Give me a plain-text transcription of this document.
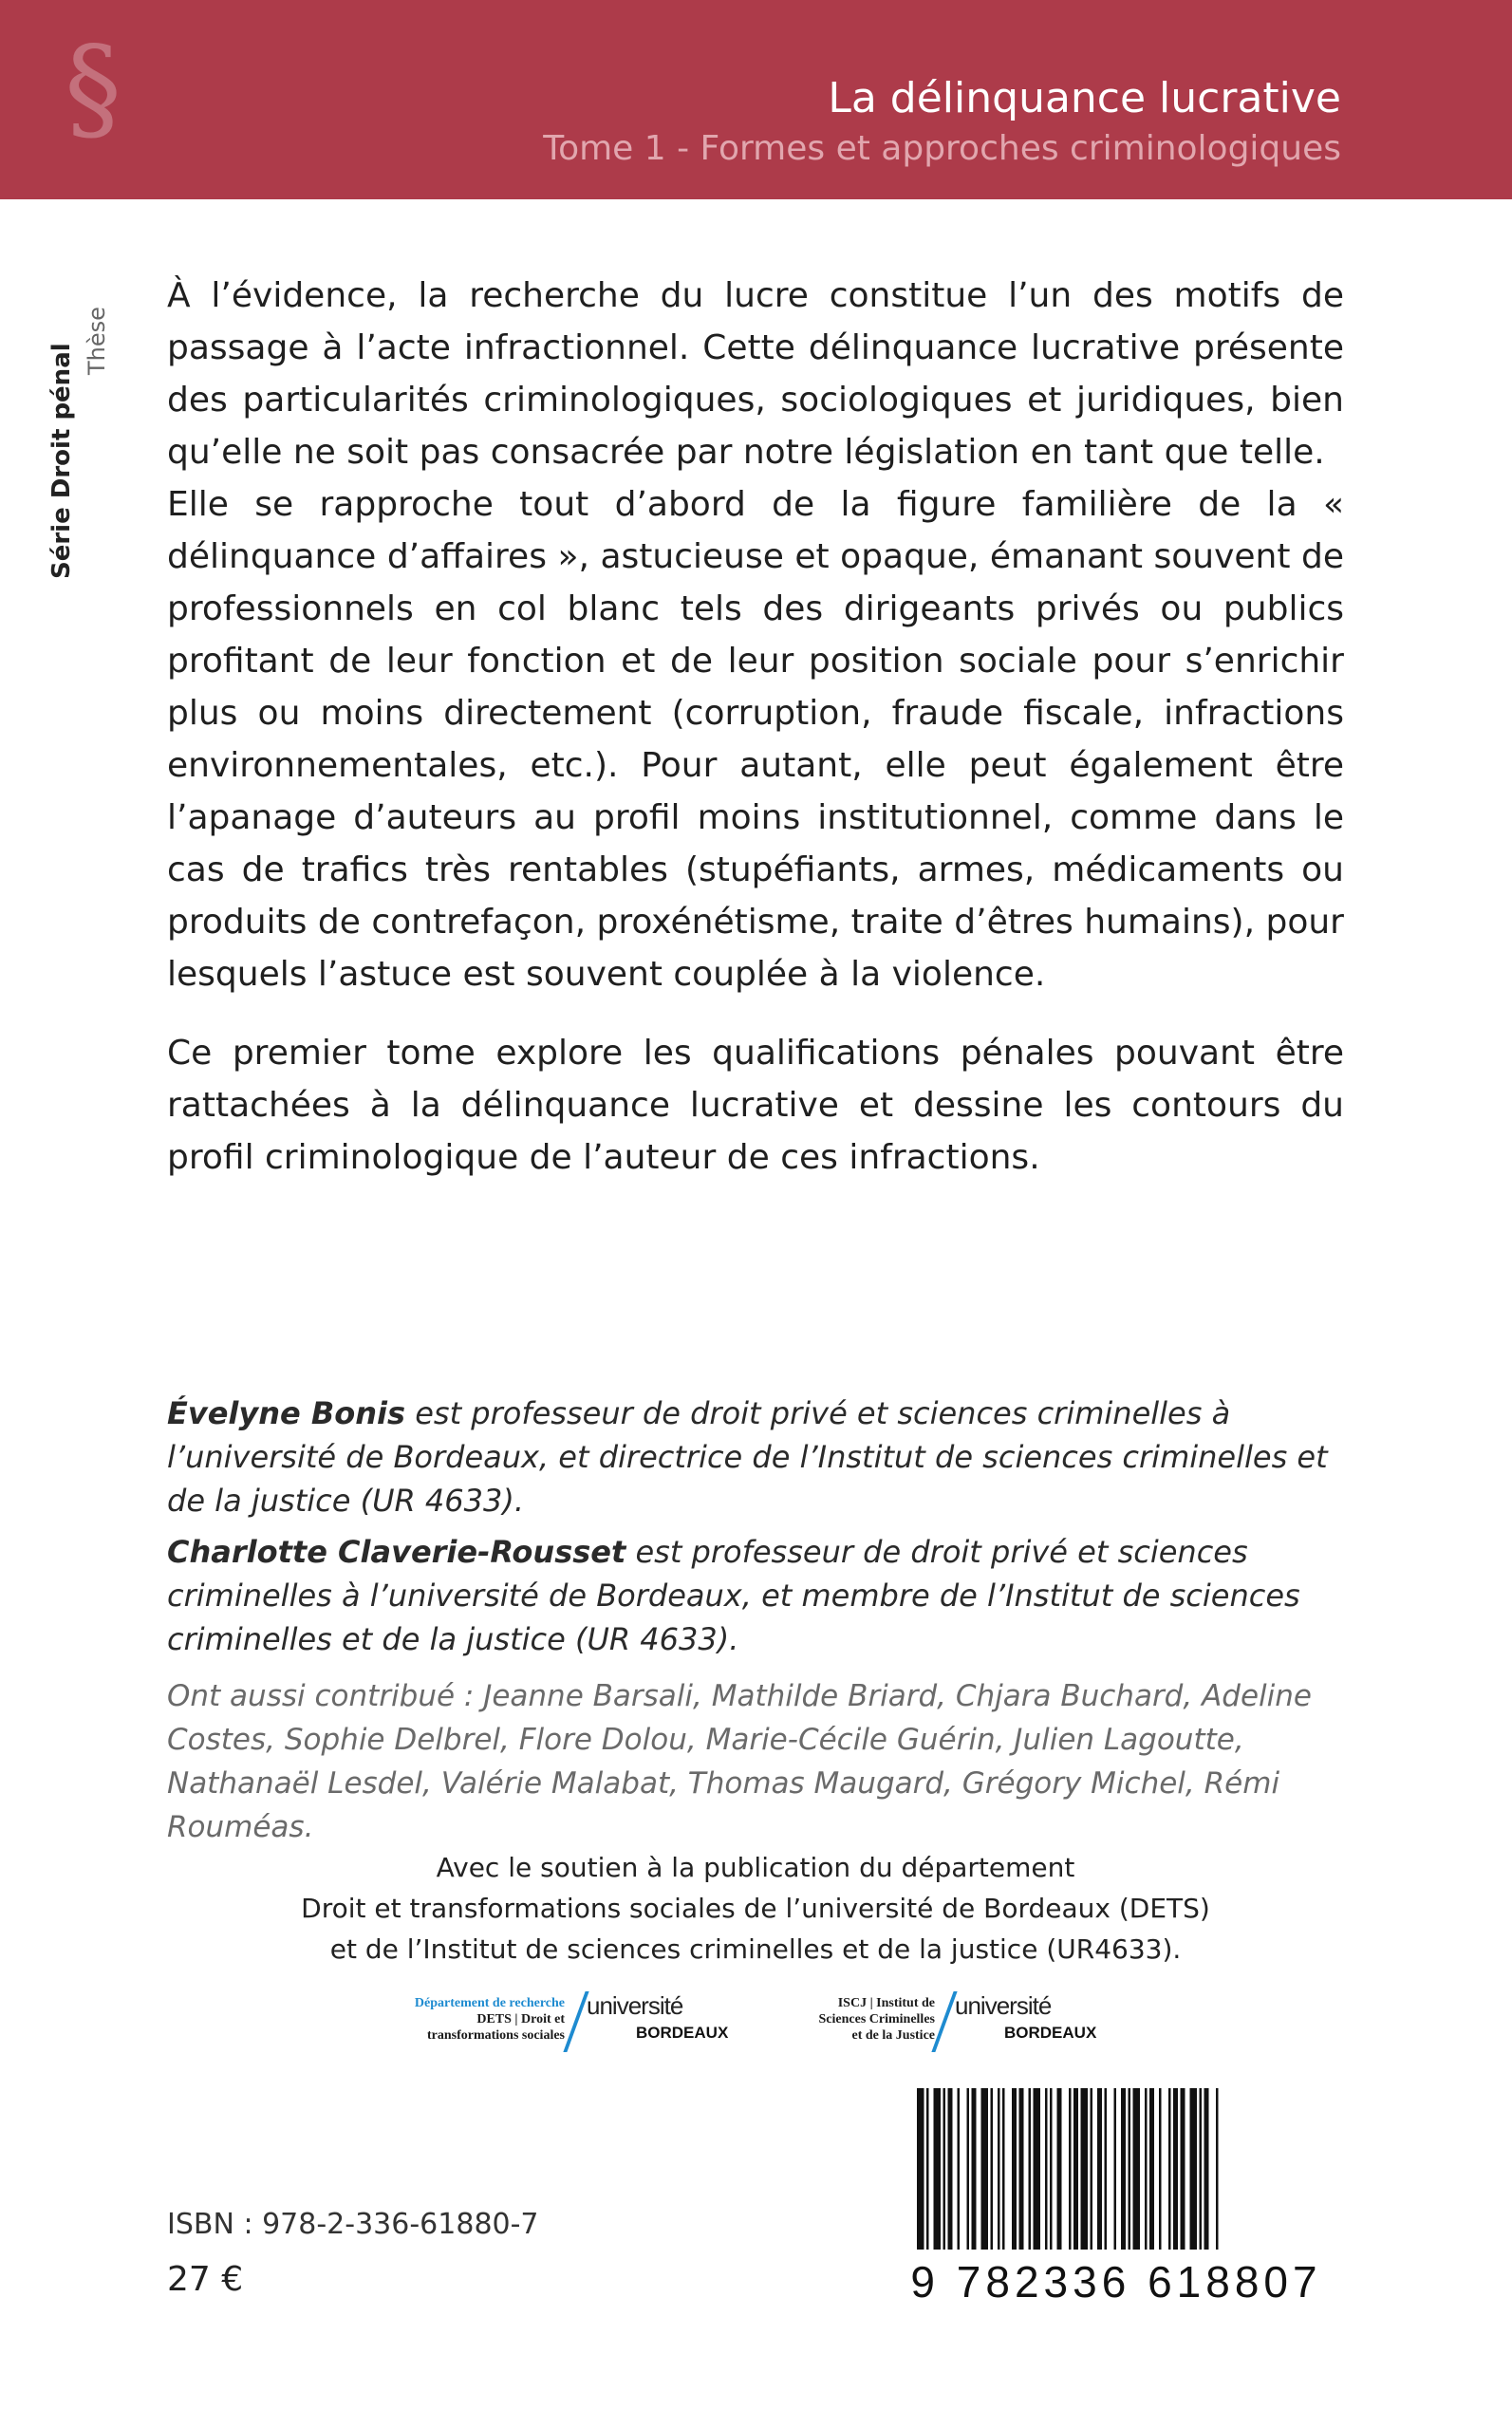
§	La délinquance lucrative
Tome 1 - Formes et approches criminologiques
Série Droit pénal
Thèse

À l’évidence, la recherche du lucre constitue l’un des motifs de passage à l’acte infractionnel. Cette délinquance lucrative présente des particularités criminologiques, sociologiques et juridiques, bien qu’elle ne soit pas consacrée par notre législation en tant que telle.

Elle se rapproche tout d’abord de la figure familière de la « délinquance d’affaires », astucieuse et opaque, émanant souvent de professionnels en col blanc tels des dirigeants privés ou publics profitant de leur fonction et de leur position sociale pour s’enrichir plus ou moins directement (corruption, fraude fiscale, infractions environnementales, etc.). Pour autant, elle peut également être l’apanage d’auteurs au profil moins institutionnel, comme dans le cas de trafics très rentables (stupéfiants, armes, médicaments ou produits de contrefaçon, proxénétisme, traite d’êtres humains), pour lesquels l’astuce est souvent couplée à la violence.

Ce premier tome explore les qualifications pénales pouvant être rattachées à la délinquance lucrative et dessine les contours du profil criminologique de l’auteur de ces infractions.

Évelyne Bonis est professeur de droit privé et sciences criminelles à l’université de Bordeaux, et directrice de l’Institut de sciences criminelles et de la justice (UR 4633).

Charlotte Claverie-Rousset est professeur de droit privé et sciences criminelles à l’université de Bordeaux, et membre de l’Institut de sciences criminelles et de la justice (UR 4633).

Ont aussi contribué : Jeanne Barsali, Mathilde Briard, Chjara Buchard, Adeline Costes, Sophie Delbrel, Flore Dolou, Marie-Cécile Guérin, Julien Lagoutte, Nathanaël Lesdel, Valérie Malabat, Thomas Maugard, Grégory Michel, Rémi Rouméas.

Avec le soutien à la publication du département
Droit et transformations sociales de l’université de Bordeaux (DETS)
et de l’Institut de sciences criminelles et de la justice (UR4633).
Département de recherche
DETS | Droit et
transformations sociales
université
BORDEAUX
ISCJ | Institut de
Sciences Criminelles
et de la Justice
université
BORDEAUX
ISBN : 978-2-336-61880-7
27 €	9 782336 618807
